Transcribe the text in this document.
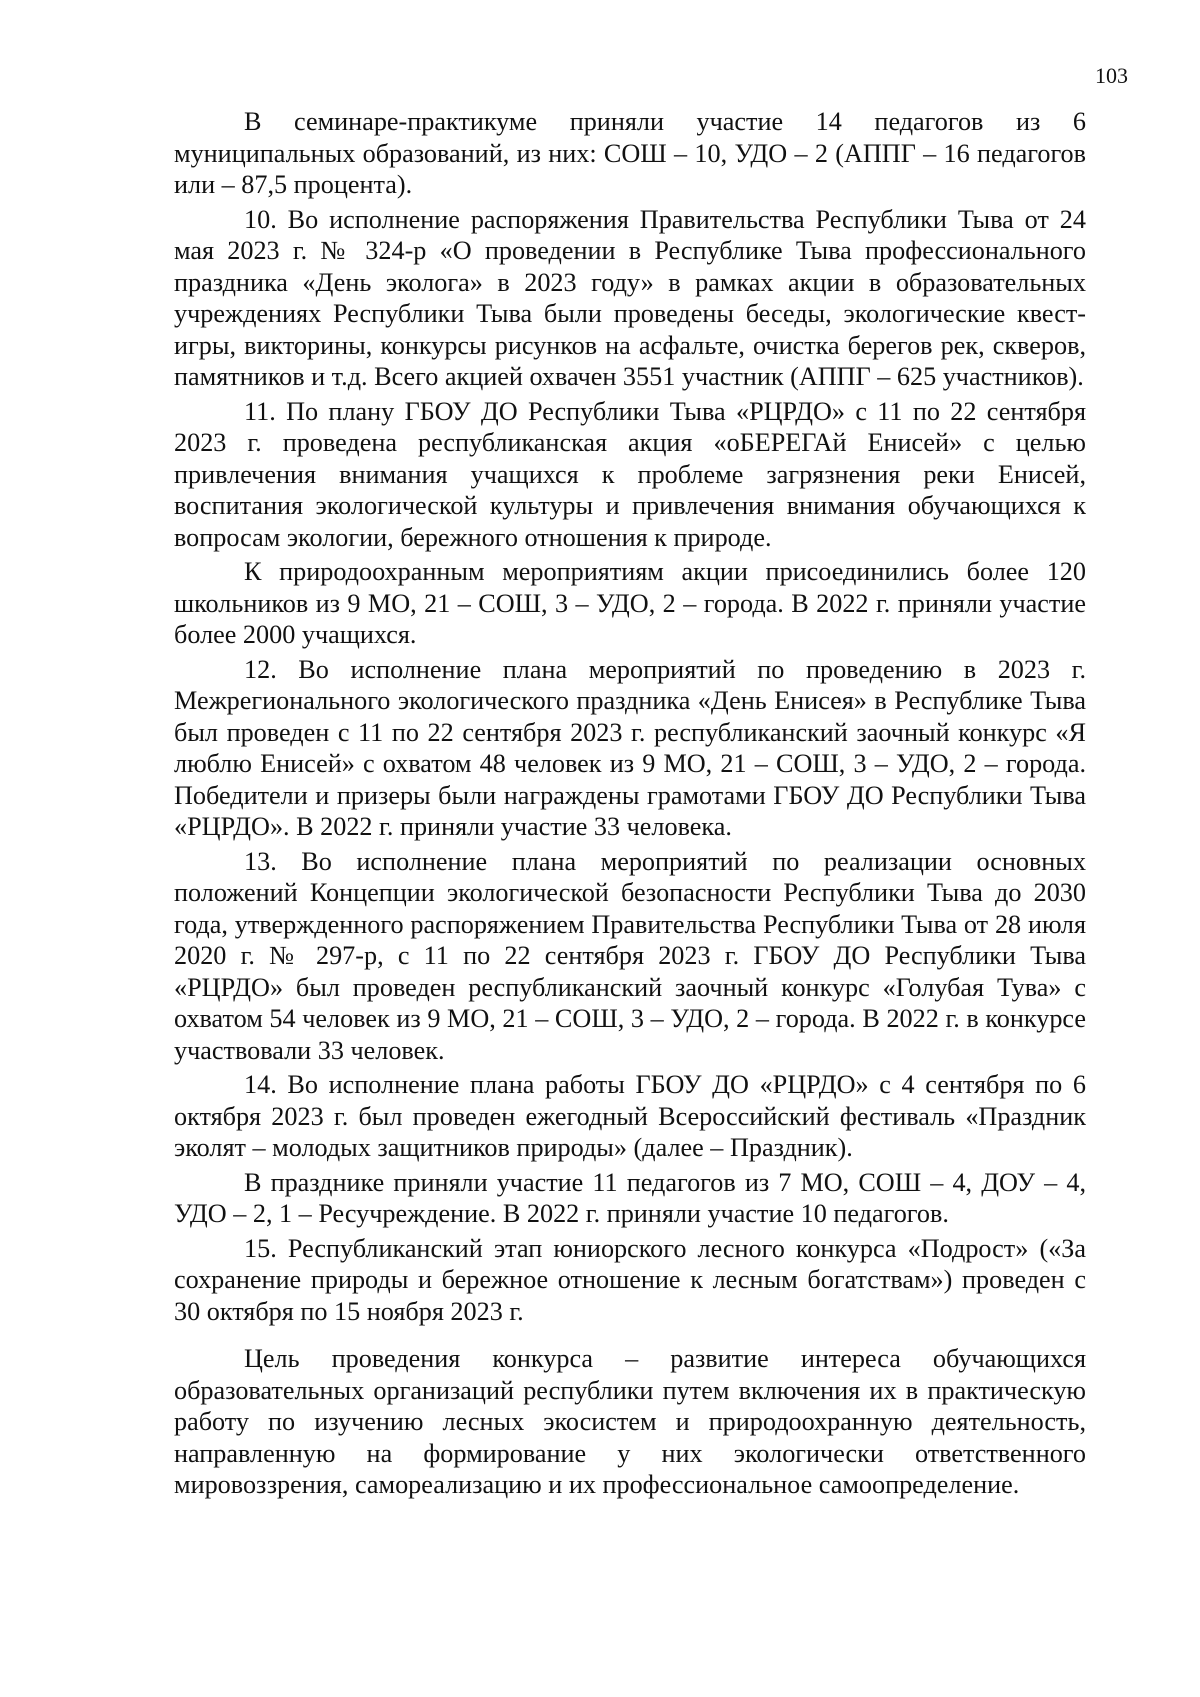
103

В семинаре-практикуме приняли участие 14 педагогов из 6 муниципальных образований, из них: СОШ – 10, УДО – 2 (АППГ – 16 педагогов или – 87,5 процента).

10. Во исполнение распоряжения Правительства Республики Тыва от 24 мая 2023 г. № 324-р «О проведении в Республике Тыва профессионального праздника «День эколога» в 2023 году» в рамках акции в образовательных учреждениях Республики Тыва были проведены беседы, экологические квест-игры, викторины, конкурсы рисунков на асфальте, очистка берегов рек, скверов, памятников и т.д. Всего акцией охвачен 3551 участник (АППГ – 625 участников).

11. По плану ГБОУ ДО Республики Тыва «РЦРДО» с 11 по 22 сентября 2023 г. проведена республиканская акция «оБЕРЕГАй Енисей» с целью привлечения внимания учащихся к проблеме загрязнения реки Енисей, воспитания экологической культуры и привлечения внимания обучающихся к вопросам экологии, бережного отношения к природе.

К природоохранным мероприятиям акции присоединились более 120 школьников из 9 МО, 21 – СОШ, 3 – УДО, 2 – города. В 2022 г. приняли участие более 2000 учащихся.

12. Во исполнение плана мероприятий по проведению в 2023 г. Межрегионального экологического праздника «День Енисея» в Республике Тыва был проведен с 11 по 22 сентября 2023 г. республиканский заочный конкурс «Я люблю Енисей» с охватом 48 человек из 9 МО, 21 – СОШ, 3 – УДО, 2 – города. Победители и призеры были награждены грамотами ГБОУ ДО Республики Тыва «РЦРДО». В 2022 г. приняли участие 33 человека.

13. Во исполнение плана мероприятий по реализации основных положений Концепции экологической безопасности Республики Тыва до 2030 года, утвержденного распоряжением Правительства Республики Тыва от 28 июля 2020 г. № 297-р, с 11 по 22 сентября 2023 г. ГБОУ ДО Республики Тыва «РЦРДО» был проведен республиканский заочный конкурс «Голубая Тува» с охватом 54 человек из 9 МО, 21 – СОШ, 3 – УДО, 2 – города. В 2022 г. в конкурсе участвовали 33 человек.

14. Во исполнение плана работы ГБОУ ДО «РЦРДО» с 4 сентября по 6 октября 2023 г. был проведен ежегодный Всероссийский фестиваль «Праздник эколят – молодых защитников природы» (далее – Праздник).

В празднике приняли участие 11 педагогов из 7 МО, СОШ – 4, ДОУ – 4, УДО – 2, 1 – Ресучреждение. В 2022 г. приняли участие 10 педагогов.

15. Республиканский этап юниорского лесного конкурса «Подрост» («За сохранение природы и бережное отношение к лесным богатствам») проведен с 30 октября по 15 ноября 2023 г.

Цель проведения конкурса – развитие интереса обучающихся образовательных организаций республики путем включения их в практическую работу по изучению лесных экосистем и природоохранную деятельность, направленную на формирование у них экологически ответственного мировоззрения, самореализацию и их профессиональное самоопределение.
